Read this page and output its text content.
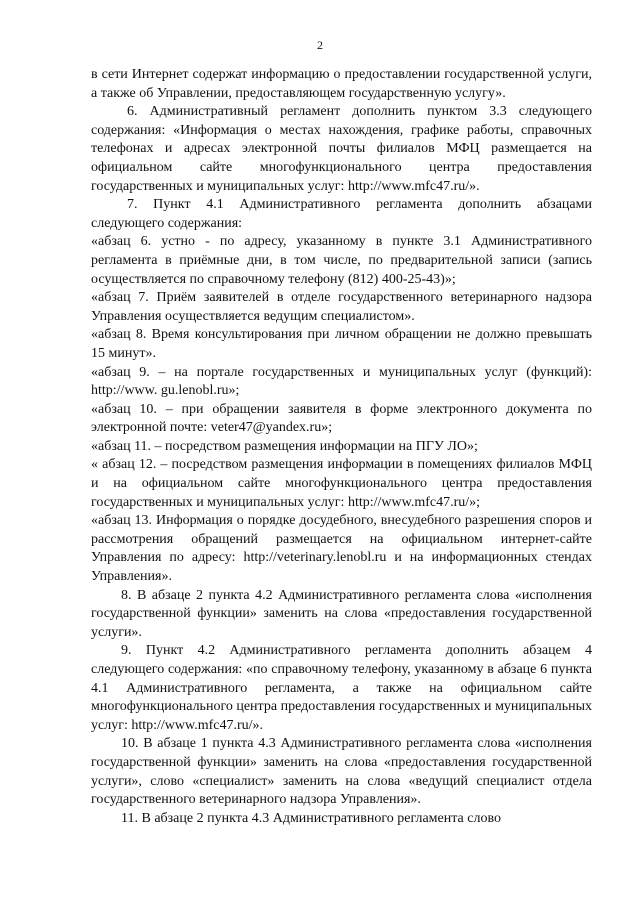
2

в сети Интернет содержат информацию о предоставлении государственной услуги, а также об Управлении, предоставляющем государственную услугу».

6. Административный регламент дополнить пунктом 3.3 следующего содержания: «Информация о местах нахождения, графике работы, справочных телефонах и адресах электронной почты филиалов МФЦ размещается на официальном сайте многофункционального центра предоставления государственных и муниципальных услуг: http://www.mfc47.ru/».

7. Пункт 4.1 Административного регламента дополнить абзацами следующего содержания:

«абзац 6. устно - по адресу, указанному в пункте 3.1 Административного регламента в приёмные дни, в том числе, по предварительной записи (запись осуществляется по справочному телефону (812) 400-25-43)»;

«абзац 7. Приём заявителей в отделе государственного ветеринарного надзора Управления осуществляется ведущим специалистом».

«абзац 8. Время консультирования при личном обращении не должно превышать 15 минут».

«абзац 9. – на портале государственных и муниципальных услуг (функций): http://www. gu.lenobl.ru»;

«абзац 10. – при обращении заявителя в форме электронного документа по электронной почте: veter47@yandex.ru»;

«абзац 11. – посредством размещения информации на ПГУ ЛО»;

« абзац 12. – посредством размещения информации в помещениях филиалов МФЦ и на официальном сайте многофункционального центра предоставления государственных и муниципальных услуг: http://www.mfc47.ru/»;

«абзац 13. Информация о порядке досудебного, внесудебного разрешения споров и рассмотрения обращений размещается на официальном интернет-сайте Управления по адресу: http://veterinary.lenobl.ru и на информационных стендах Управления».

8. В абзаце 2 пункта 4.2 Административного регламента слова «исполнения государственной функции» заменить на слова «предоставления государственной услуги».

9. Пункт 4.2 Административного регламента дополнить абзацем 4 следующего содержания: «по справочному телефону, указанному в абзаце 6 пункта 4.1 Административного регламента, а также на официальном сайте многофункционального центра предоставления государственных и муниципальных услуг: http://www.mfc47.ru/».

10. В абзаце 1 пункта 4.3 Административного регламента слова «исполнения государственной функции» заменить на слова «предоставления государственной услуги», слово «специалист» заменить на слова «ведущий специалист отдела государственного ветеринарного надзора Управления».

11. В абзаце 2 пункта 4.3 Административного регламента слово
